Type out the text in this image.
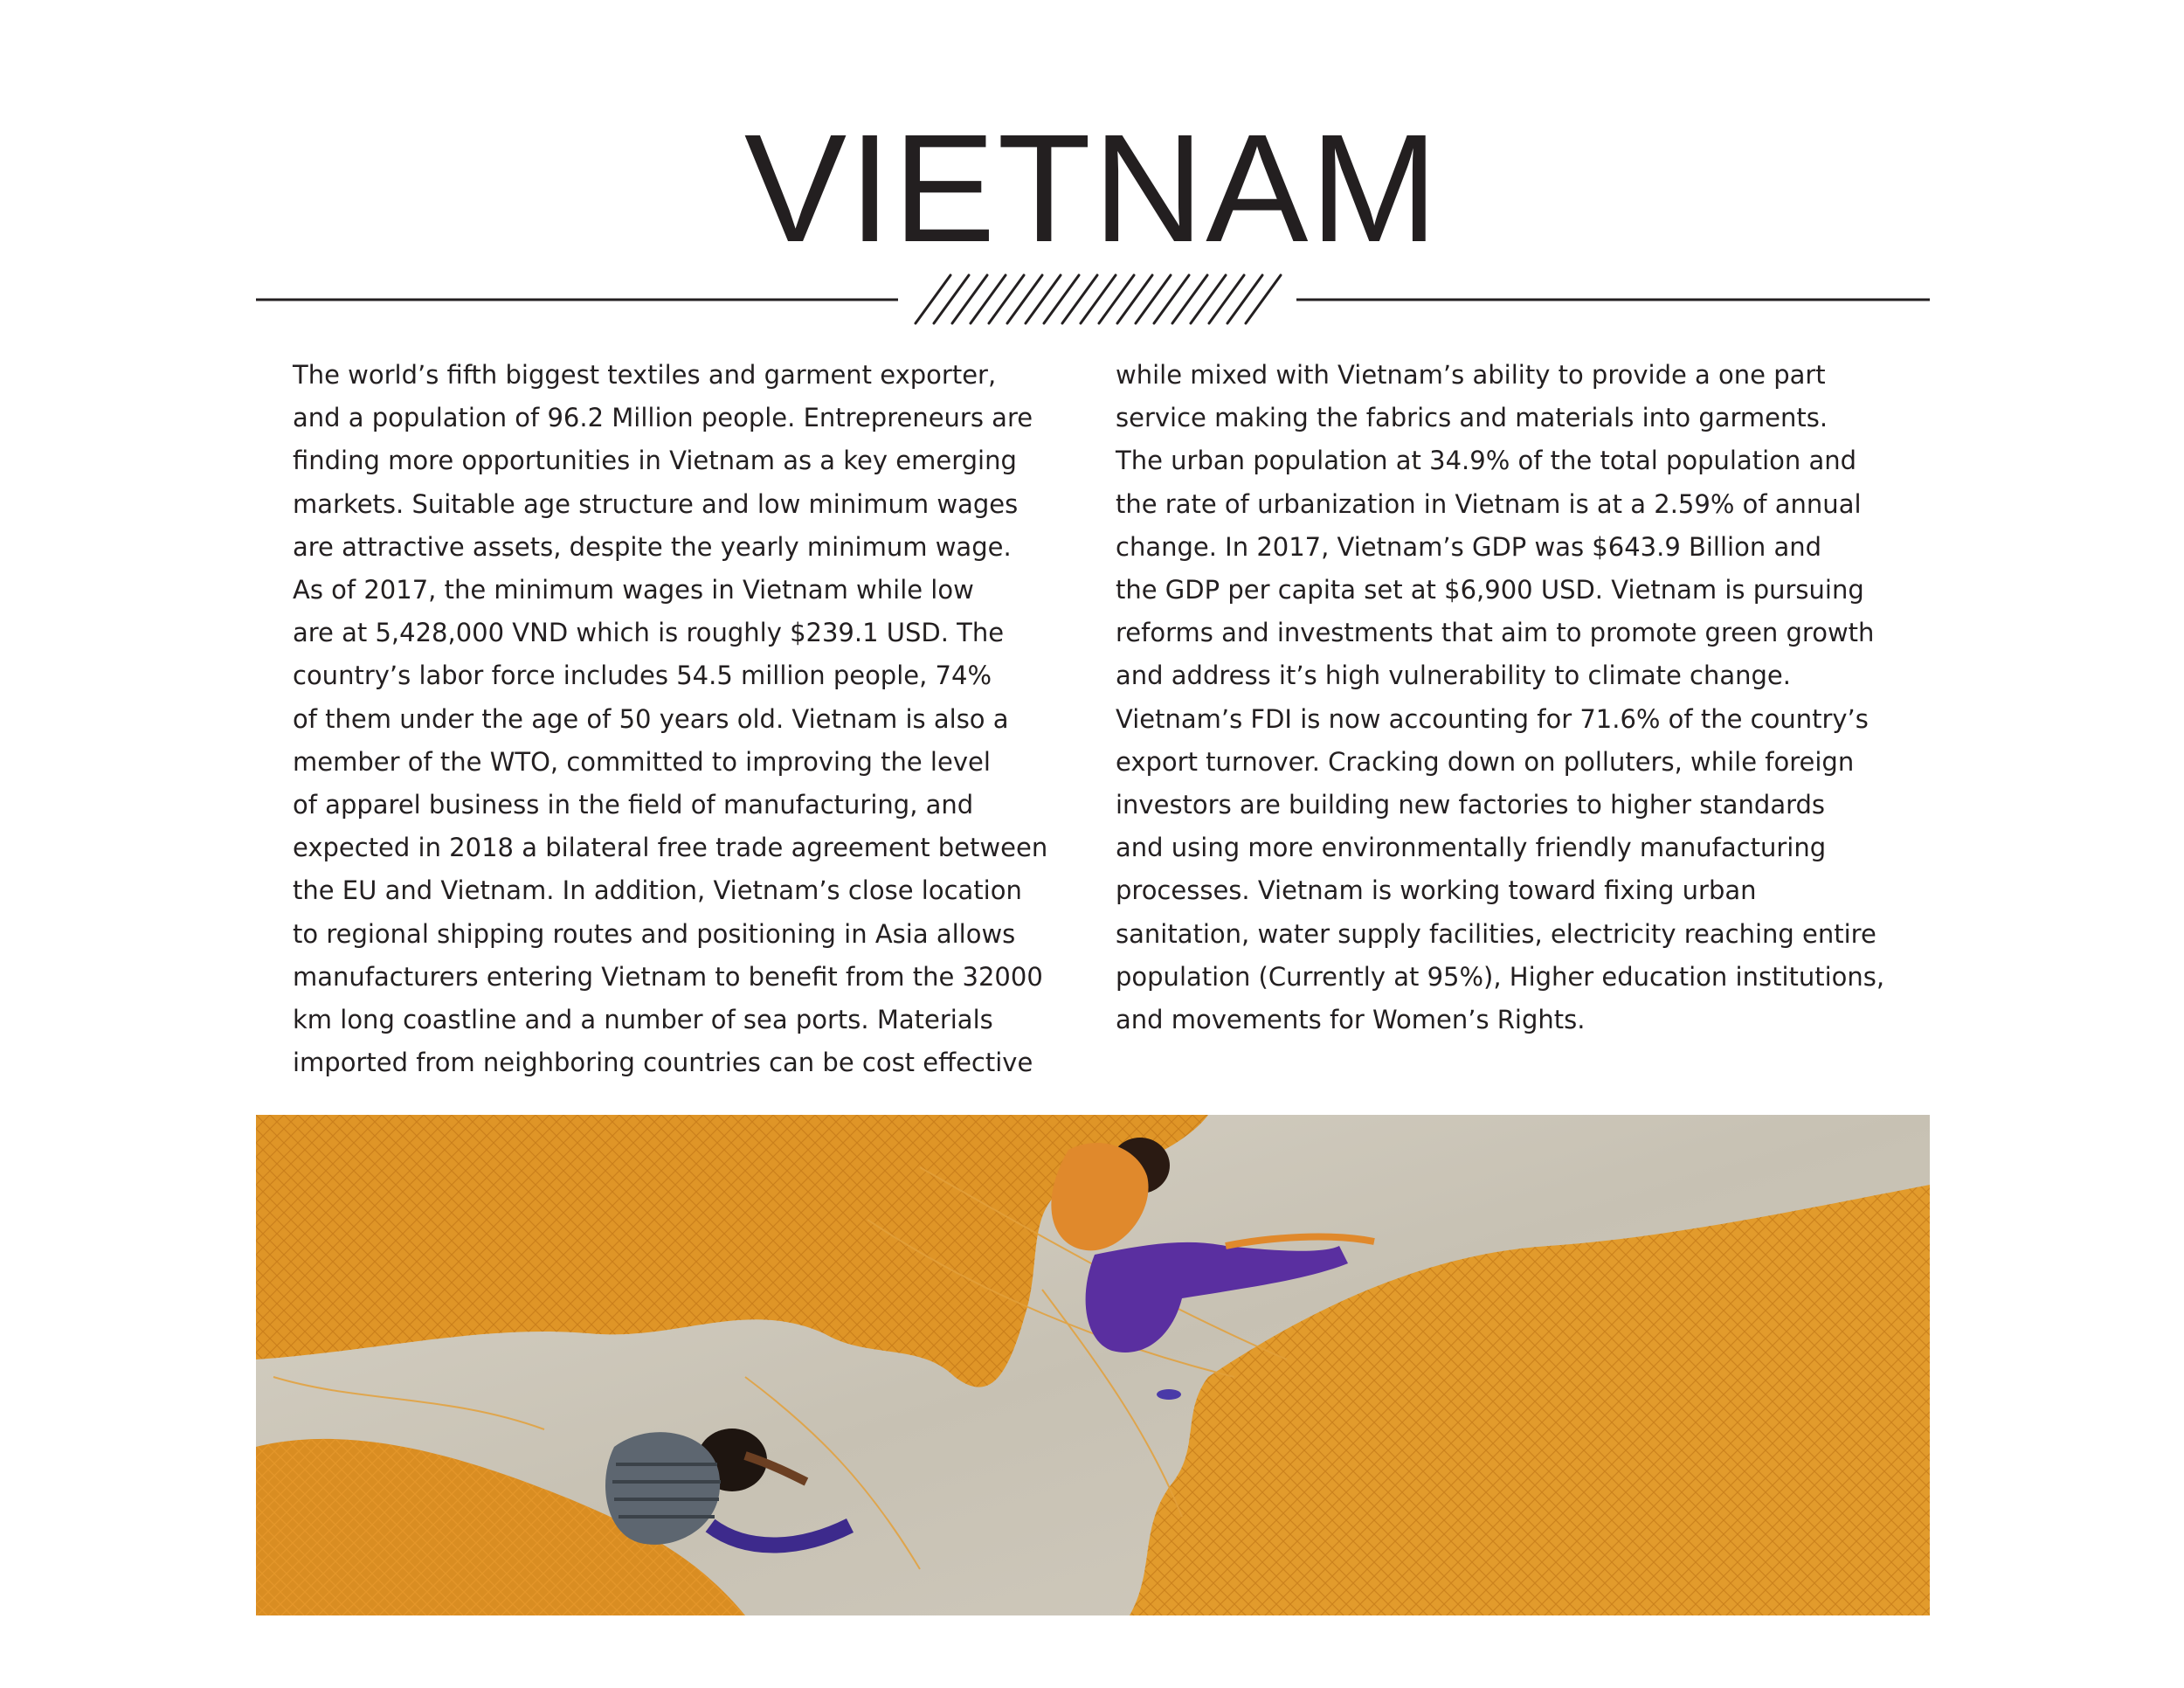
VIETNAM
The world’s fifth biggest textiles and garment exporter,
and a population of 96.2 Million people. Entrepreneurs are
finding more opportunities in Vietnam as a key emerging
markets. Suitable age structure and low minimum wages
are attractive assets, despite the yearly minimum wage.
As of 2017, the minimum wages in Vietnam while low
are at 5,428,000 VND which is roughly $239.1 USD. The
country’s labor force includes 54.5 million people, 74%
of them under the age of 50 years old. Vietnam is also a
member of the WTO, committed to improving the level
of apparel business in the field of manufacturing, and
expected in 2018 a bilateral free trade agreement between
the EU and Vietnam. In addition, Vietnam’s close location
to regional shipping routes and positioning in Asia allows
manufacturers entering Vietnam to benefit from the 32000
km long coastline and a number of sea ports. Materials
imported from neighboring countries can be cost effective
while mixed with Vietnam’s ability to provide a one part
service making the fabrics and materials into garments.
The urban population at 34.9% of the total population and
the rate of urbanization in Vietnam is at a 2.59% of annual
change. In 2017, Vietnam’s GDP was $643.9 Billion and
the GDP per capita set at $6,900 USD. Vietnam is pursuing
reforms and investments that aim to promote green growth
and address it’s high vulnerability to climate change.
Vietnam’s FDI is now accounting for 71.6% of the country’s
export turnover. Cracking down on polluters, while foreign
investors are building new factories to higher standards
and using more environmentally friendly manufacturing
processes. Vietnam is working toward fixing urban
sanitation, water supply facilities, electricity reaching entire
population (Currently at 95%), Higher education institutions,
and movements for Women’s Rights.
